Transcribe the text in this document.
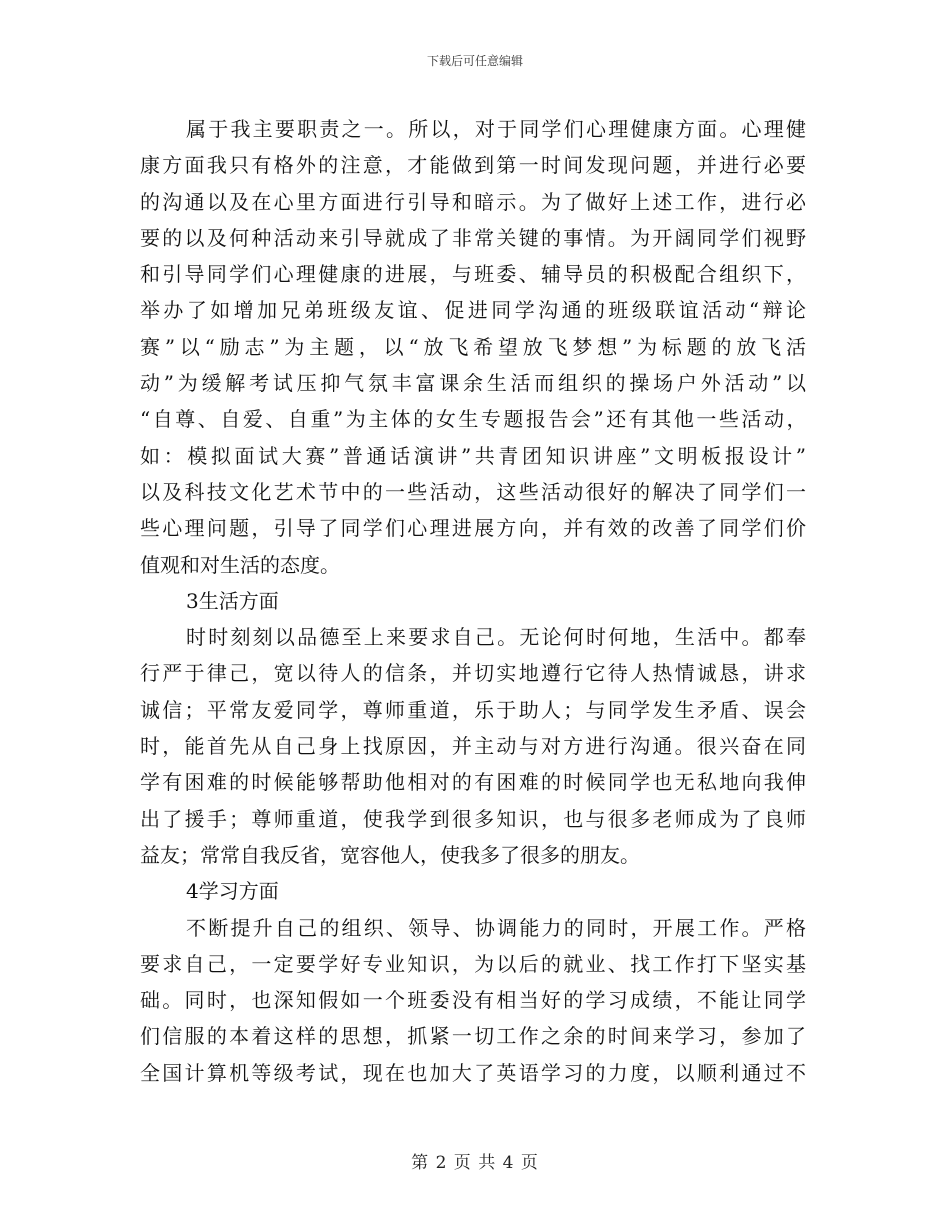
下载后可任意编辑
属于我主要职责之一。所以，对于同学们心理健康方面。心理健
康方面我只有格外的注意，才能做到第一时间发现问题，并进行必要
的沟通以及在心里方面进行引导和暗示。为了做好上述工作，进行必
要的以及何种活动来引导就成了非常关键的事情。为开阔同学们视野
和引导同学们心理健康的进展，与班委、辅导员的积极配合组织下，
举办了如增加兄弟班级友谊、促进同学沟通的班级联谊活动“辩论
赛”以“励志”为主题，以“放飞希望放飞梦想”为标题的放飞活
动”为缓解考试压抑气氛丰富课余生活而组织的操场户外活动”以
“自尊、自爱、自重”为主体的女生专题报告会”还有其他一些活动，
如：模拟面试大赛”普通话演讲”共青团知识讲座”文明板报设计”
以及科技文化艺术节中的一些活动，这些活动很好的解决了同学们一
些心理问题，引导了同学们心理进展方向，并有效的改善了同学们价
值观和对生活的态度。
3生活方面
时时刻刻以品德至上来要求自己。无论何时何地，生活中。都奉
行严于律己，宽以待人的信条，并切实地遵行它待人热情诚恳，讲求
诚信；平常友爱同学，尊师重道，乐于助人；与同学发生矛盾、误会
时，能首先从自己身上找原因，并主动与对方进行沟通。很兴奋在同
学有困难的时候能够帮助他相对的有困难的时候同学也无私地向我伸
出了援手；尊师重道，使我学到很多知识，也与很多老师成为了良师
益友；常常自我反省，宽容他人，使我多了很多的朋友。
4学习方面
不断提升自己的组织、领导、协调能力的同时，开展工作。严格
要求自己，一定要学好专业知识，为以后的就业、找工作打下坚实基
础。同时，也深知假如一个班委没有相当好的学习成绩，不能让同学
们信服的本着这样的思想，抓紧一切工作之余的时间来学习，参加了
全国计算机等级考试，现在也加大了英语学习的力度，以顺利通过不
第 2 页 共 4 页
